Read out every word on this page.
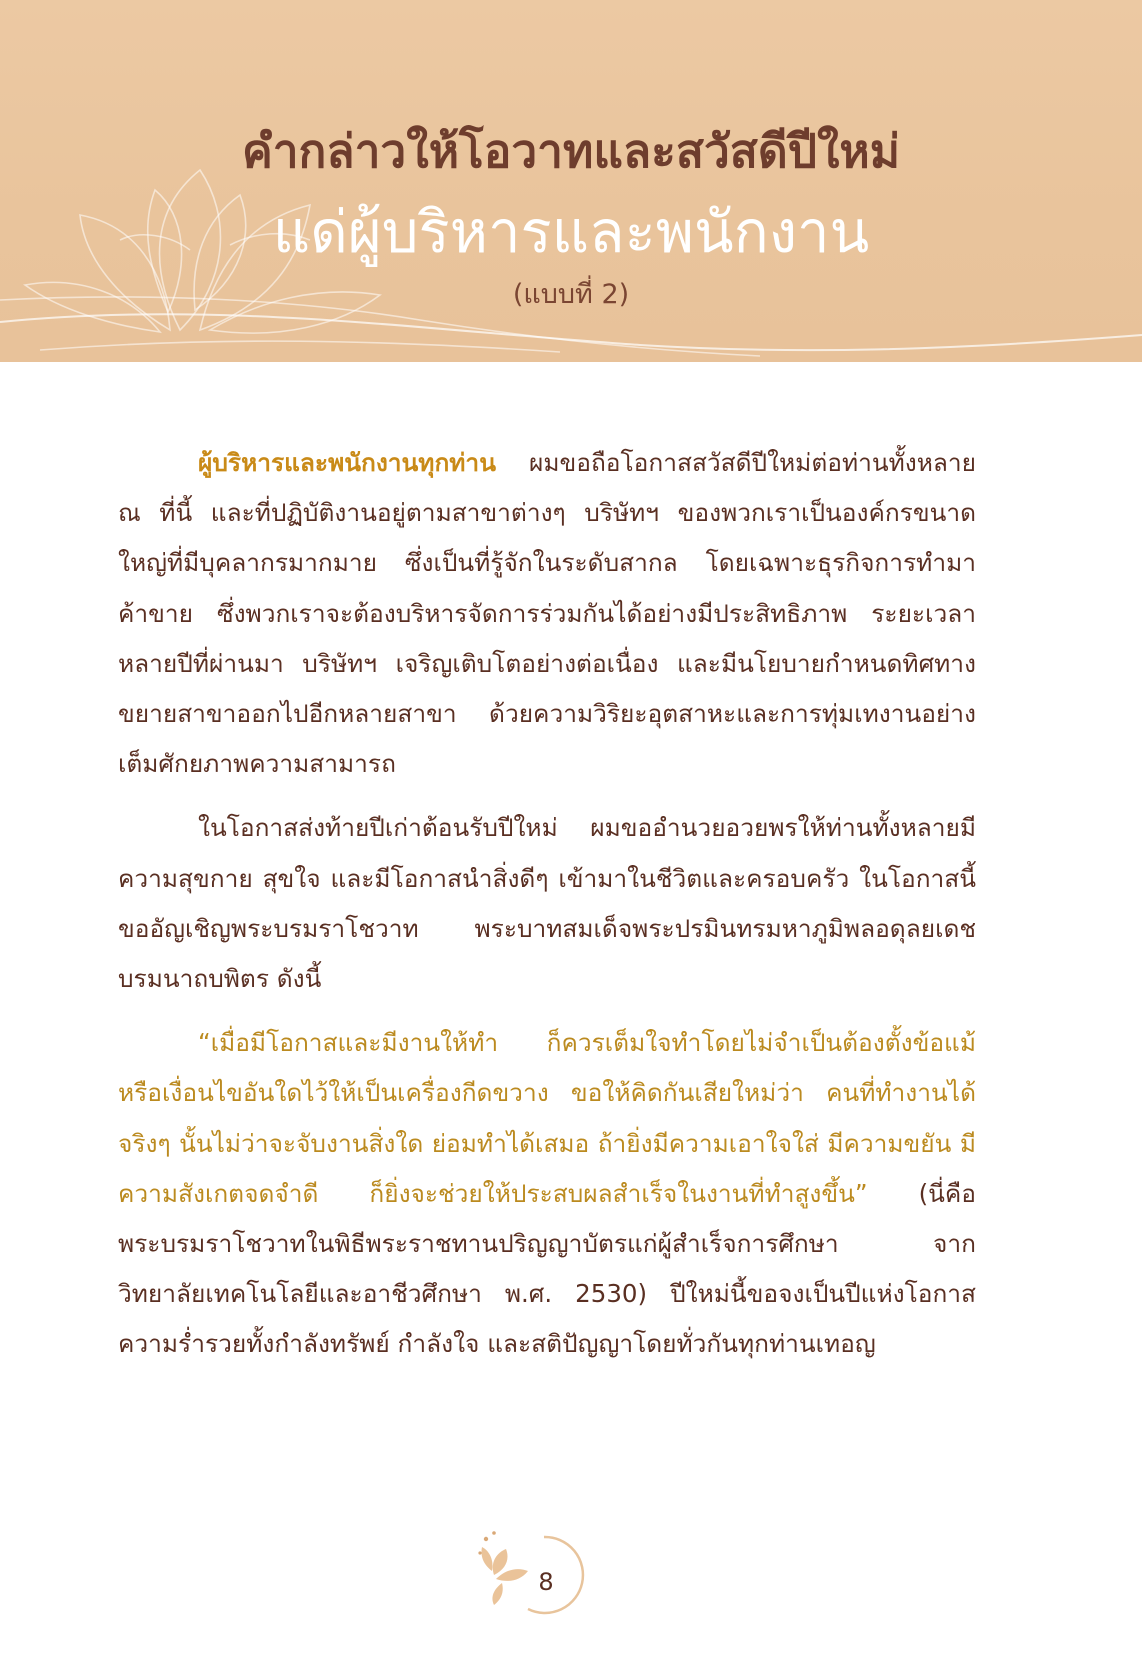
คำกล่าวให้โอวาทและสวัสดีปีใหม่
แด่ผู้บริหารและพนักงาน
(แบบที่ 2)

ผู้บริหารและพนักงานทุกท่าน ผมขอถือโอกาสสวัสดีปีใหม่ต่อท่านทั้งหลาย ณ ที่นี้ และที่ปฏิบัติงานอยู่ตามสาขาต่างๆ บริษัทฯ ของพวกเราเป็นองค์กรขนาดใหญ่ที่มีบุคลากรมากมาย ซึ่งเป็นที่รู้จักในระดับสากล โดยเฉพาะธุรกิจการทำมาค้าขาย ซึ่งพวกเราจะต้องบริหารจัดการร่วมกันได้อย่างมีประสิทธิภาพ ระยะเวลาหลายปีที่ผ่านมา บริษัทฯ เจริญเติบโตอย่างต่อเนื่อง และมีนโยบายกำหนดทิศทางขยายสาขาออกไปอีกหลายสาขา ด้วยความวิริยะอุตสาหะและการทุ่มเทงานอย่างเต็มศักยภาพความสามารถ

ในโอกาสส่งท้ายปีเก่าต้อนรับปีใหม่ ผมขออำนวยอวยพรให้ท่านทั้งหลายมีความสุขกาย สุขใจ และมีโอกาสนำสิ่งดีๆ เข้ามาในชีวิตและครอบครัว ในโอกาสนี้ขออัญเชิญพระบรมราโชวาท พระบาทสมเด็จพระปรมินทรมหาภูมิพลอดุลยเดช บรมนาถบพิตร ดังนี้

“เมื่อมีโอกาสและมีงานให้ทำ ก็ควรเต็มใจทำโดยไม่จำเป็นต้องตั้งข้อแม้ หรือเงื่อนไขอันใดไว้ให้เป็นเครื่องกีดขวาง ขอให้คิดกันเสียใหม่ว่า คนที่ทำงานได้จริงๆ นั้นไม่ว่าจะจับงานสิ่งใด ย่อมทำได้เสมอ ถ้ายิ่งมีความเอาใจใส่ มีความขยัน มีความสังเกตจดจำดี ก็ยิ่งจะช่วยให้ประสบผลสำเร็จในงานที่ทำสูงขึ้น” (นี่คือพระบรมราโชวาทในพิธีพระราชทานปริญญาบัตรแก่ผู้สำเร็จการศึกษา จากวิทยาลัยเทคโนโลยีและอาชีวศึกษา พ.ศ. 2530) ปีใหม่นี้ขอจงเป็นปีแห่งโอกาสความร่ำรวยทั้งกำลังทรัพย์ กำลังใจ และสติปัญญาโดยทั่วกันทุกท่านเทอญ

8
